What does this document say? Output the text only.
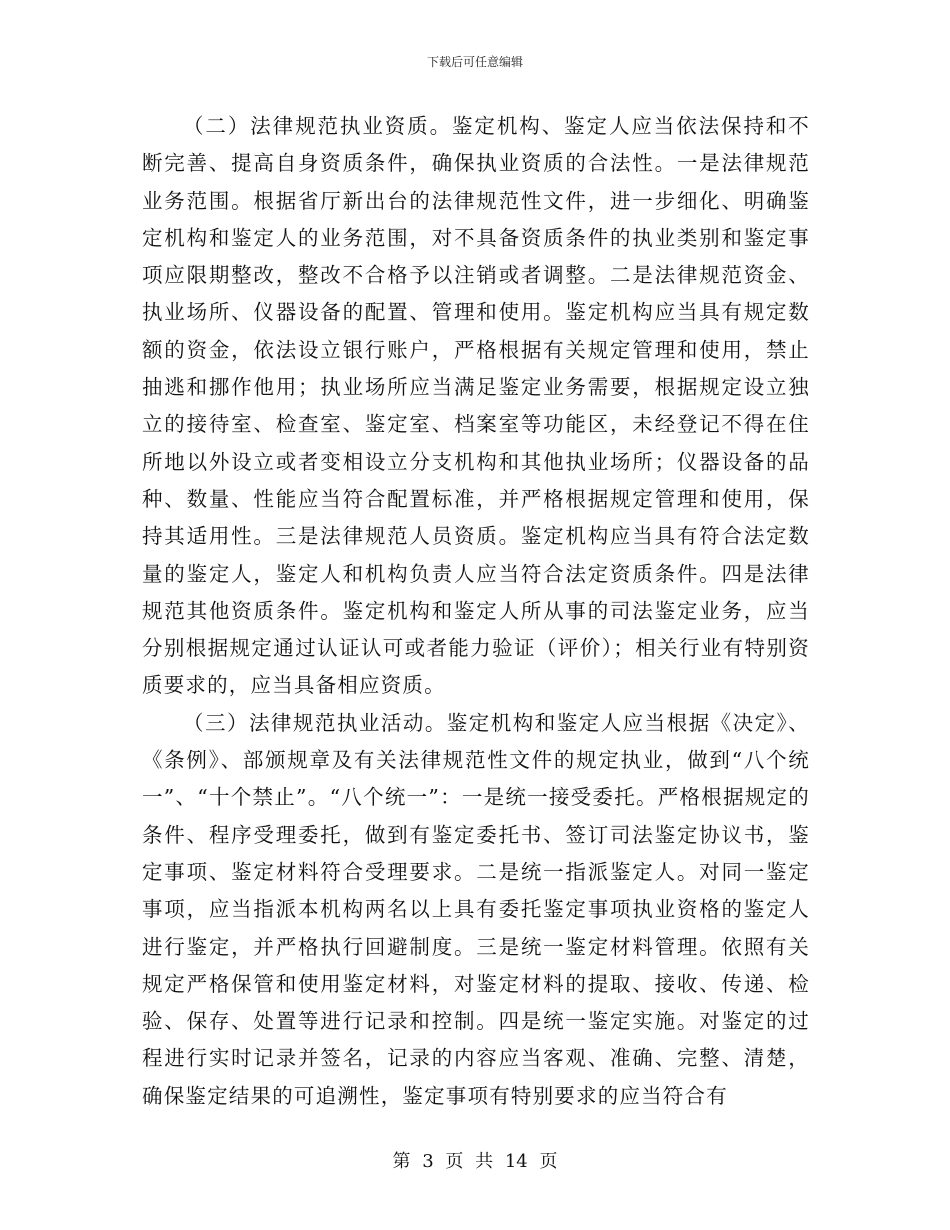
下载后可任意编辑

（二）法律规范执业资质。鉴定机构、鉴定人应当依法保持和不断完善、提高自身资质条件，确保执业资质的合法性。一是法律规范业务范围。根据省厅新出台的法律规范性文件，进一步细化、明确鉴定机构和鉴定人的业务范围，对不具备资质条件的执业类别和鉴定事项应限期整改，整改不合格予以注销或者调整。二是法律规范资金、执业场所、仪器设备的配置、管理和使用。鉴定机构应当具有规定数额的资金，依法设立银行账户，严格根据有关规定管理和使用，禁止抽逃和挪作他用；执业场所应当满足鉴定业务需要，根据规定设立独立的接待室、检查室、鉴定室、档案室等功能区，未经登记不得在住所地以外设立或者变相设立分支机构和其他执业场所；仪器设备的品种、数量、性能应当符合配置标准，并严格根据规定管理和使用，保持其适用性。三是法律规范人员资质。鉴定机构应当具有符合法定数量的鉴定人，鉴定人和机构负责人应当符合法定资质条件。四是法律规范其他资质条件。鉴定机构和鉴定人所从事的司法鉴定业务，应当分别根据规定通过认证认可或者能力验证（评价）；相关行业有特别资质要求的，应当具备相应资质。

（三）法律规范执业活动。鉴定机构和鉴定人应当根据《决定》、《条例》、部颁规章及有关法律规范性文件的规定执业，做到“八个统一”、“十个禁止”。“八个统一”：一是统一接受委托。严格根据规定的条件、程序受理委托，做到有鉴定委托书、签订司法鉴定协议书，鉴定事项、鉴定材料符合受理要求。二是统一指派鉴定人。对同一鉴定事项，应当指派本机构两名以上具有委托鉴定事项执业资格的鉴定人进行鉴定，并严格执行回避制度。三是统一鉴定材料管理。依照有关规定严格保管和使用鉴定材料，对鉴定材料的提取、接收、传递、检验、保存、处置等进行记录和控制。四是统一鉴定实施。对鉴定的过程进行实时记录并签名，记录的内容应当客观、准确、完整、清楚，确保鉴定结果的可追溯性，鉴定事项有特别要求的应当符合有

第 3 页 共 14 页
